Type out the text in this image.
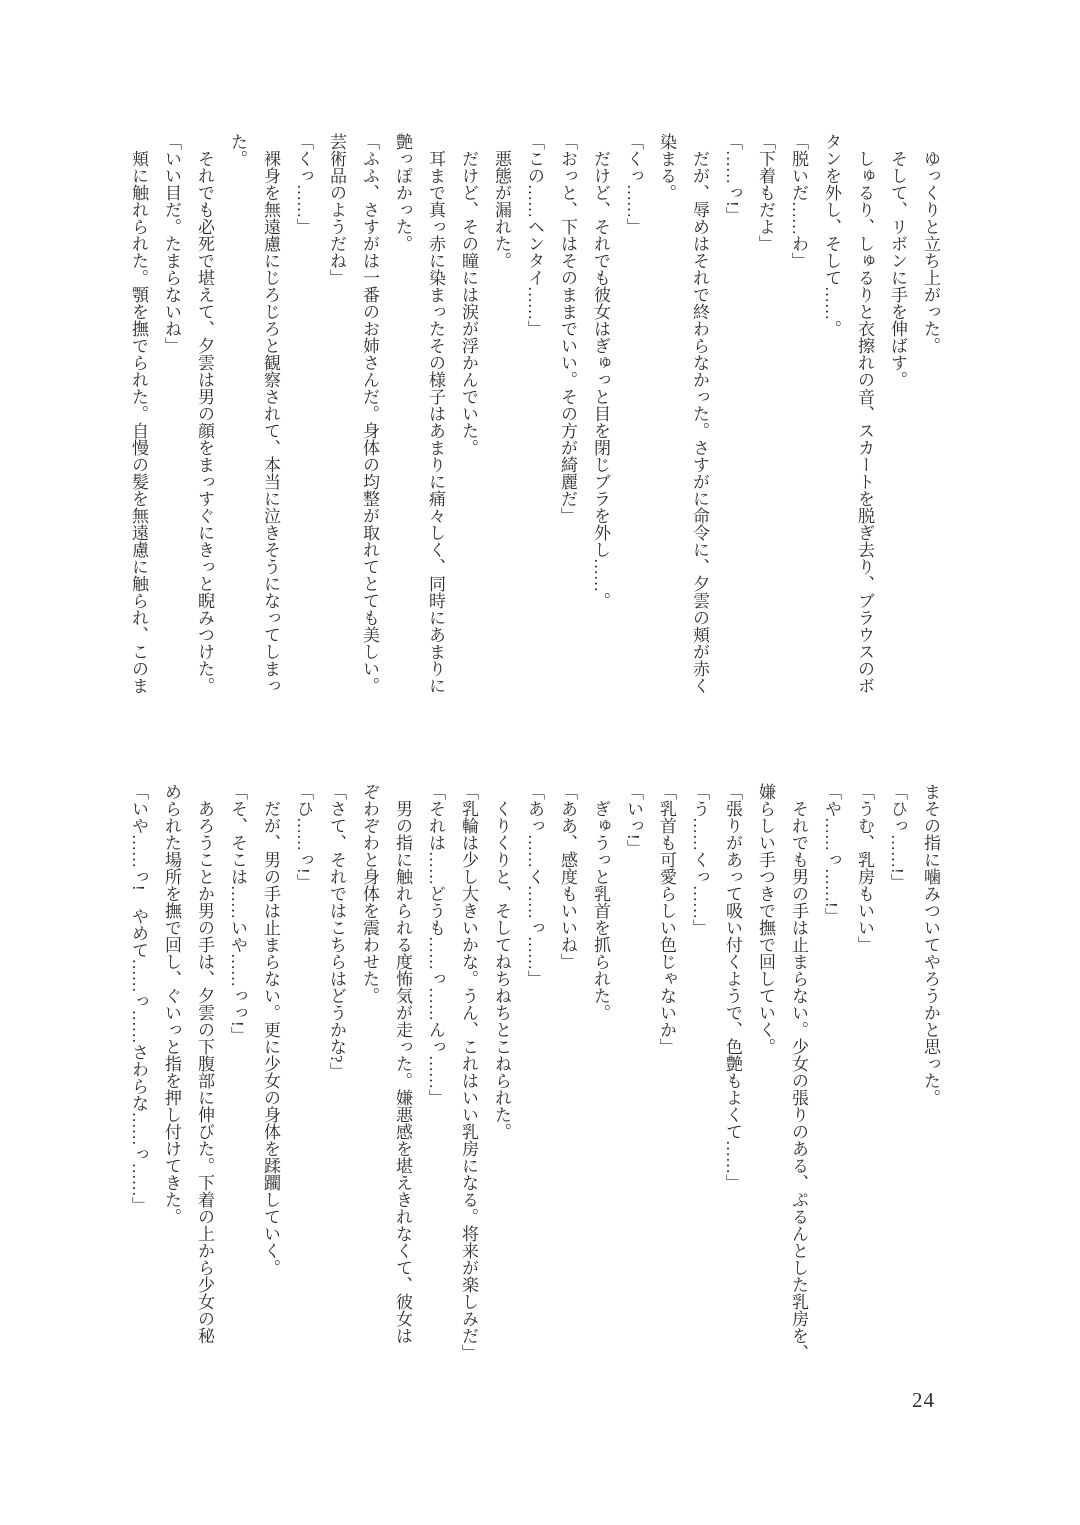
ゆっくりと立ち上がった。

そして、リボンに手を伸ばす。

しゅるり、しゅるりと衣擦れの音、スカートを脱ぎ去り、ブラウスのボ

タンを外し、そして……。

「脱いだ……わ」

「下着もだよ」

「……っ!」

だが、辱めはそれで終わらなかった。さすがに命令に、夕雲の頬が赤く

染まる。

「くっ……」

だけど、それでも彼女はぎゅっと目を閉じブラを外し……。

「おっと、下はそのままでいい。その方が綺麗だ」

「この……ヘンタイ……」

悪態が漏れた。

だけど、その瞳には涙が浮かんでいた。

耳まで真っ赤に染まったその様子はあまりに痛々しく、同時にあまりに

艶っぽかった。

「ふふ、さすがは一番のお姉さんだ。身体の均整が取れてとても美しい。

芸術品のようだね」

「くっ……」

裸身を無遠慮にじろじろと観察されて、本当に泣きそうになってしまっ

た。

それでも必死で堪えて、夕雲は男の顔をまっすぐにきっと睨みつけた。

「いい目だ。たまらないね」

頬に触れられた。顎を撫でられた。自慢の髪を無遠慮に触られ、このま

まその指に噛みついてやろうかと思った。

「ひっ……!」

「うむ、乳房もいい」

「や……っ……!」

それでも男の手は止まらない。少女の張りのある、ぷるんとした乳房を、

嫌らしい手つきで撫で回していく。

「張りがあって吸い付くようで、色艶もよくて……」

「う……くっ……」

「乳首も可愛らしい色じゃないか」

「いっ!」

ぎゅうっと乳首を抓られた。

「ああ、感度もいいね」

「あっ……く……っ……」

くりくりと、そしてねちねちとこねられた。

「乳輪は少し大きいかな。うん、これはいい乳房になる。将来が楽しみだ」

「それは……どうも……っ……んっ……」

男の指に触れられる度怖気が走った。嫌悪感を堪えきれなくて、彼女は

ぞわぞわと身体を震わせた。

「さて、それではこちらはどうかな?」

「ひ……っ!」

だが、男の手は止まらない。更に少女の身体を蹂躙していく。

「そ、そこは……いや……っっ!」

あろうことか男の手は、夕雲の下腹部に伸びた。下着の上から少女の秘

められた場所を撫で回し、ぐいっと指を押し付けてきた。

「いや……っ!　やめて……っ……さわらな……っ……」

24
